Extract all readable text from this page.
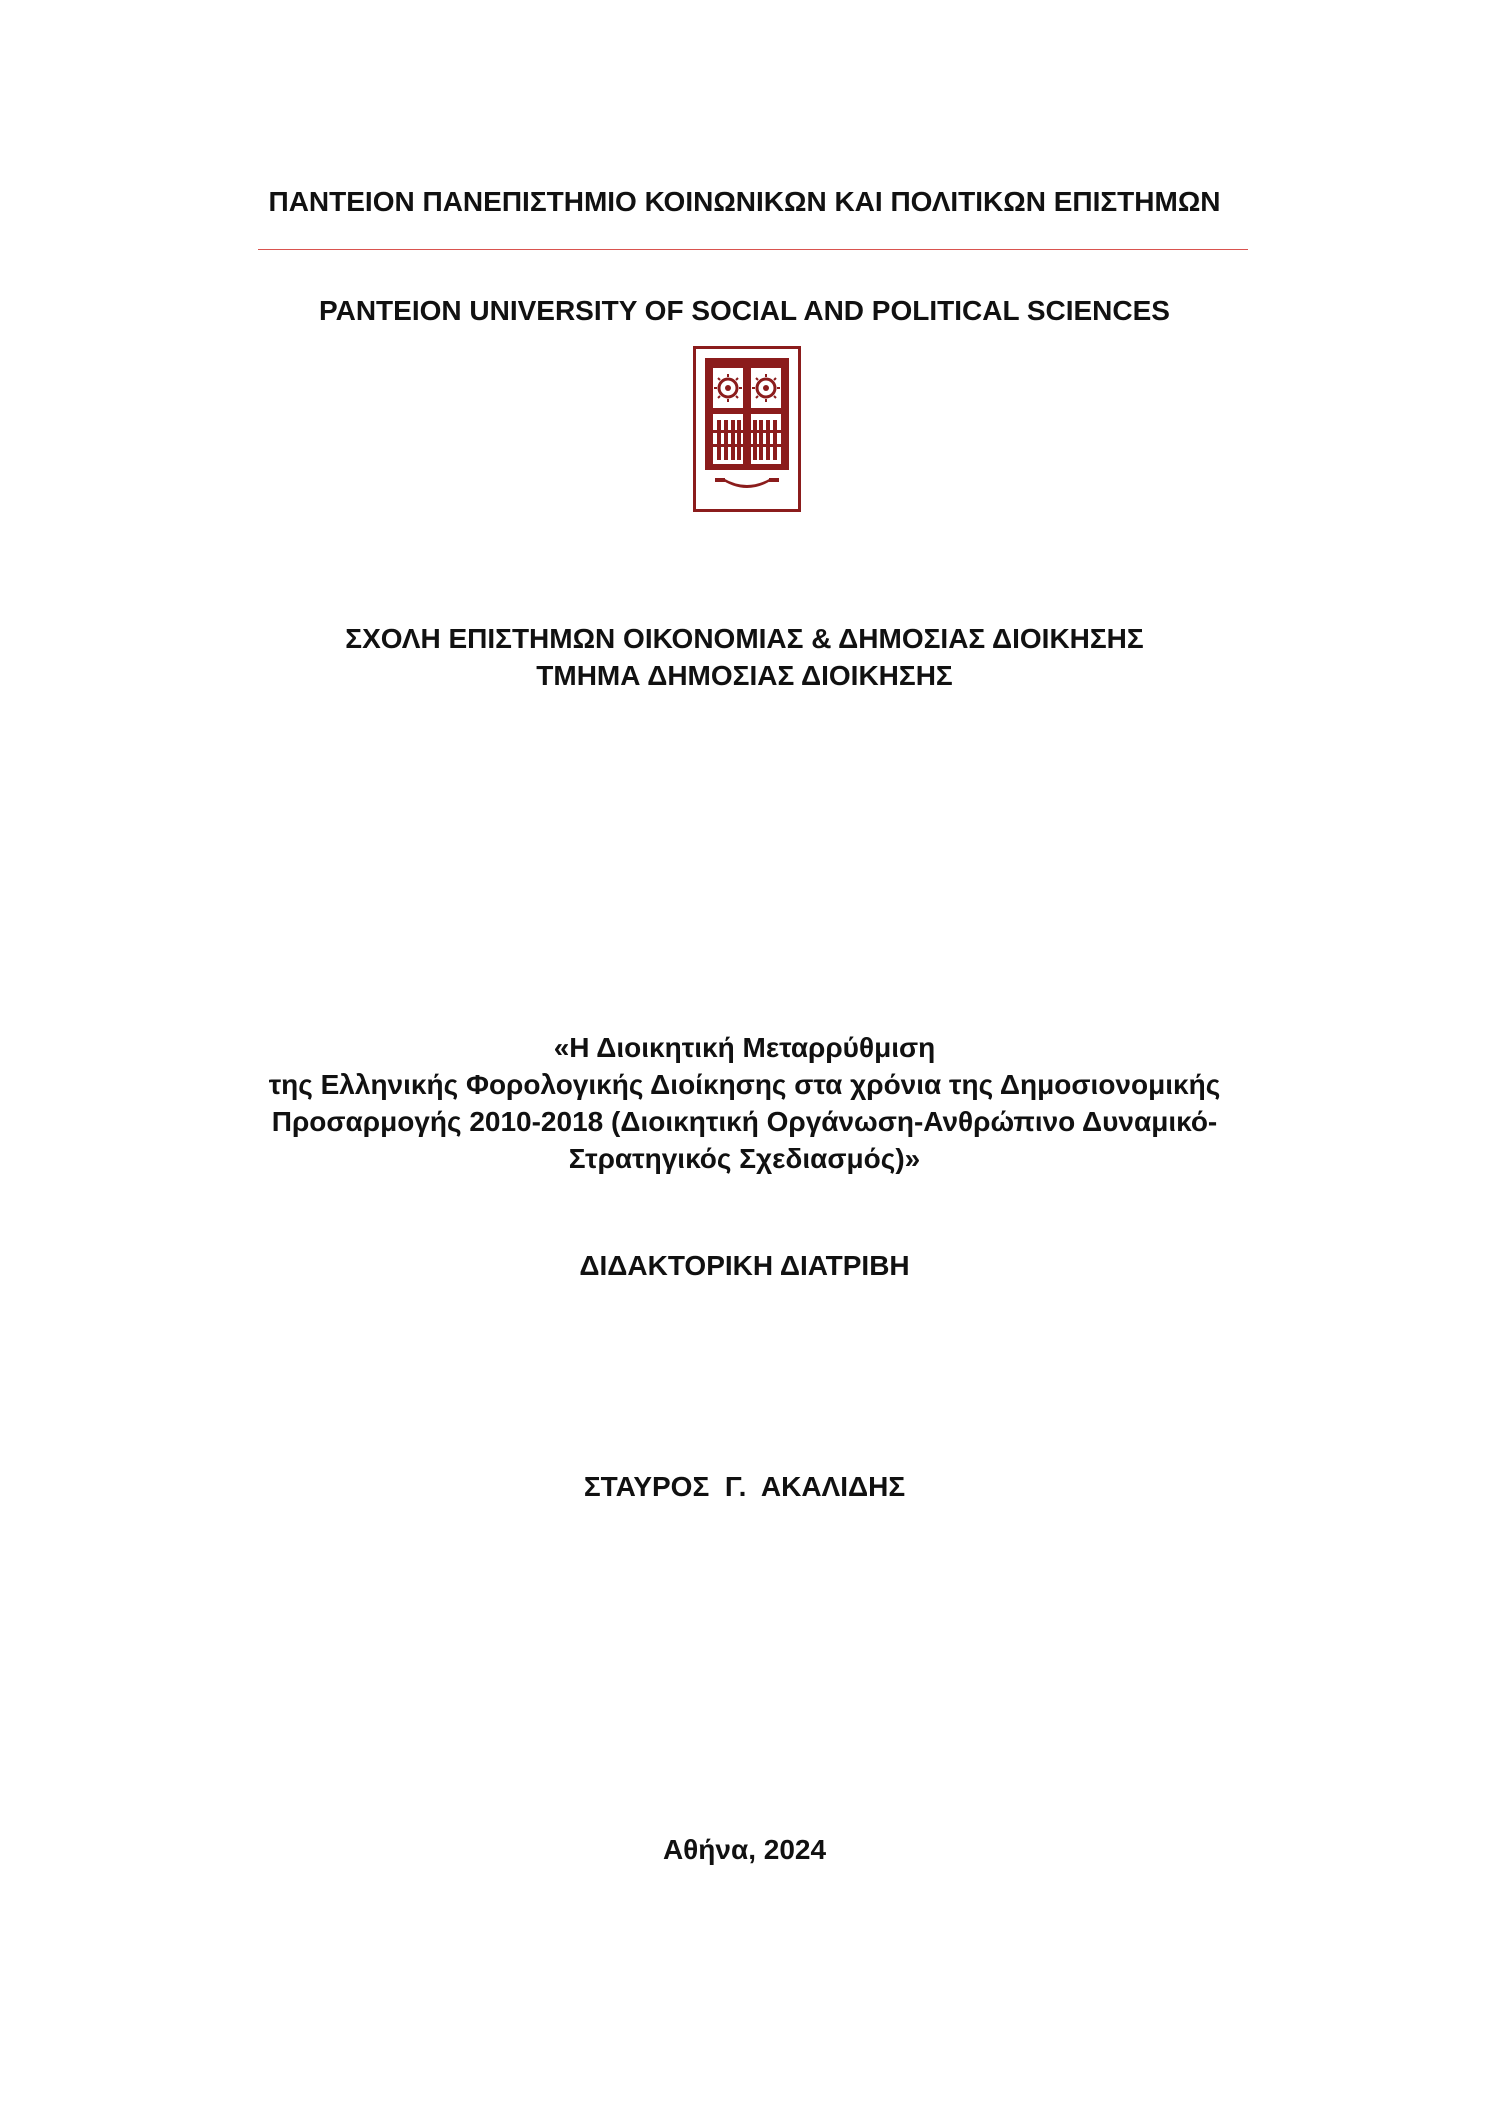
ΠΑΝΤΕΙΟΝ ΠΑΝΕΠΙΣΤΗΜΙΟ ΚΟΙΝΩΝΙΚΩΝ ΚΑΙ ΠΟΛΙΤΙΚΩΝ ΕΠΙΣΤΗΜΩΝ
PANTEION UNIVERSITY OF SOCIAL AND POLITICAL SCIENCES
ΣΧΟΛΗ ΕΠΙΣΤΗΜΩΝ ΟΙΚΟΝΟΜΙΑΣ & ΔΗΜΟΣΙΑΣ ΔΙΟΙΚΗΣΗΣ
ΤΜΗΜΑ ΔΗΜΟΣΙΑΣ ΔΙΟΙΚΗΣΗΣ
«Η Διοικητική Μεταρρύθμιση
της Ελληνικής Φορολογικής Διοίκησης στα χρόνια της Δημοσιονομικής
Προσαρμογής 2010-2018 (Διοικητική Οργάνωση-Ανθρώπινο Δυναμικό-
Στρατηγικός Σχεδιασμός)»
ΔΙΔΑΚΤΟΡΙΚΗ ΔΙΑΤΡΙΒΗ
ΣΤΑΥΡΟΣ  Γ.  ΑΚΑΛΙΔΗΣ
Αθήνα, 2024
